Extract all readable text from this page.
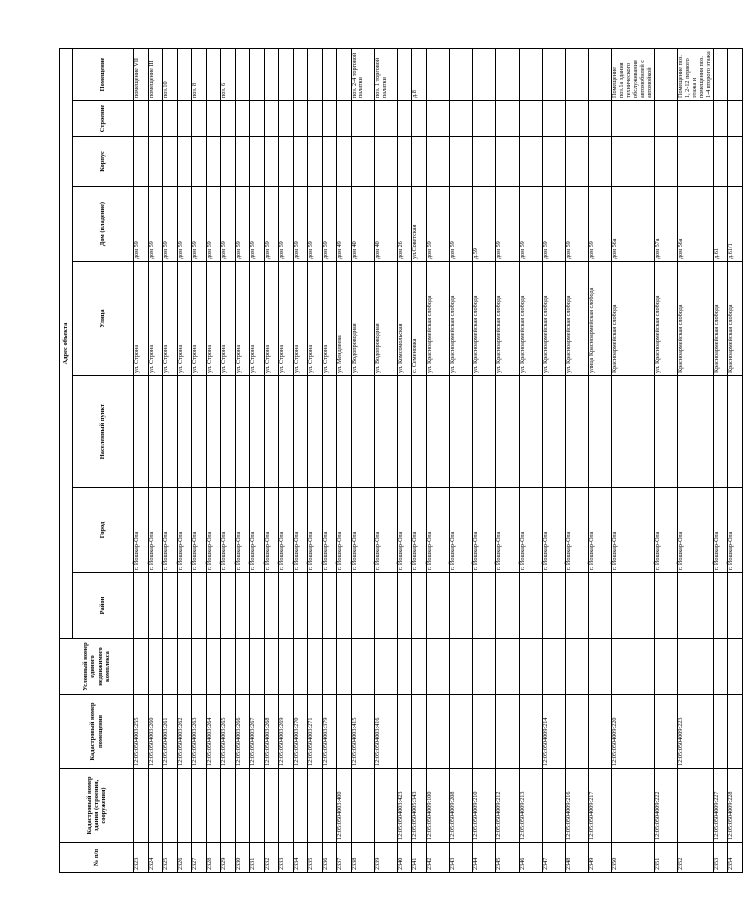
№ п/п	Кадастровый номер здания (строения, сооружения)	Кадастровый номер помещения	Условный номер единого недвижимого комплекса	Адрес объекта							
				Район	Город	Населенный пункт	Улица	Дом (владение)	Корпус	Строение	Помещение
2323		12:05:0504003:255			г. Йошкар-Ола		ул. Строна	дом 59			помещение VII
2324		12:05:0504003:260			г. Йошкар-Ола		ул. Строна	дом 59			помещение III
2325		12:05:0504003:261			г. Йошкар-Ола		ул. Строна	дом 59			поз.10
2326		12:05:0504003:262			г. Йошкар-Ола		ул. Строна	дом 59			
2327		12:05:0504003:263			г. Йошкар-Ола		ул. Строна	дом 59			поз. 8
2328		12:05:0504003:264			г. Йошкар-Ола		ул. Строна	дом 59			
2329		12:05:0504003:265			г. Йошкар-Ола		ул. Строна	дом 59			поз. 6
2330		12:05:0504003:266			г. Йошкар-Ола		ул. Строна	дом 59			
2331		12:05:0504003:267			г. Йошкар-Ола		ул. Строна	дом 59			
2332		12:05:0504003:268			г. Йошкар-Ола		ул. Строна	дом 59			
2333		12:05:0504003:269			г. Йошкар-Ола		ул. Строна	дом 59			
2334		12:05:0504003:270			г. Йошкар-Ола		ул. Строна	дом 59			
2335		12:05:0504003:271			г. Йошкар-Ола		ул. Строна	дом 59			
2336		12:05:0504003:379			г. Йошкар-Ола		ул. Строна	дом 59			
2337	12:05:0504003:400				г. Йошкар-Ола		ул. Мендлеева	дом 49			
2338		12:05:0504003:415			г. Йошкар-Ола		ул. Водопроводная	дом 40			поз. 2-4 торговой палатки
2339		12:05:0504003:416			г. Йошкар-Ола		ул. Водопроводная	дом 40			поз. 1 торговой палатки
2340	12:05:0504003:423				г. Йошкар-Ола		ул. Комсомольская	дом 26			
2341	12:05:0504005:343				г. Йошкар-Ола		с. Семеновка	ул.Советская			д.8
2342	12:05:0504009:100				г. Йошкар-Ола		ул. Красноармейская слобода	дом 59			
2343	12:05:0504009:208				г. Йошкар-Ола		ул. Красноармейская слобода	дом 59			
2344	12:05:0504009:210				г. Йошкар-Ола		ул. Красноармейская слобода	д.59			
2345	12:05:0504009:212				г. Йошкар-Ола		ул. Красноармейская слобода	дом 59			
2346	12:05:0504009:213				г. Йошкар-Ола		ул. Красноармейская слобода	дом 59			
2347		12:05:0504009:214			г. Йошкар-Ола		ул. Красноармейская слобода	дом 59			
2348	12:05:0504009:216				г. Йошкар-Ола		ул. Красноармейская слобода	дом 59			
2349	12:05:0504009:217				г. Йошкар-Ола		улица Красноармейская слобода	дом 59			
2350		12:05:0504009:220			г. Йошкар-Ола		Красноармейская слобода	дом 56а			Помещение поз.1а здания технического обслуживания автомобилей с автомойкой
2351	12:05:0504009:222				г. Йошкар-Ола		ул. Красноармейская слобода	дом 57а			
2352		12:05:0504009:223			г. Йошкар-Ола		Красноармейская слобода	дом 56а			Помещение поз. 1, 2-12 первого этажа и помещения поз. 1-4 второго этажа
2353	12:05:0504009:227				г. Йошкар-Ола		Красноармейская слобода	д.61			
2354	12:05:0504009:228				г. Йошкар-Ола		Красноармейская слобода	д.61/1			
